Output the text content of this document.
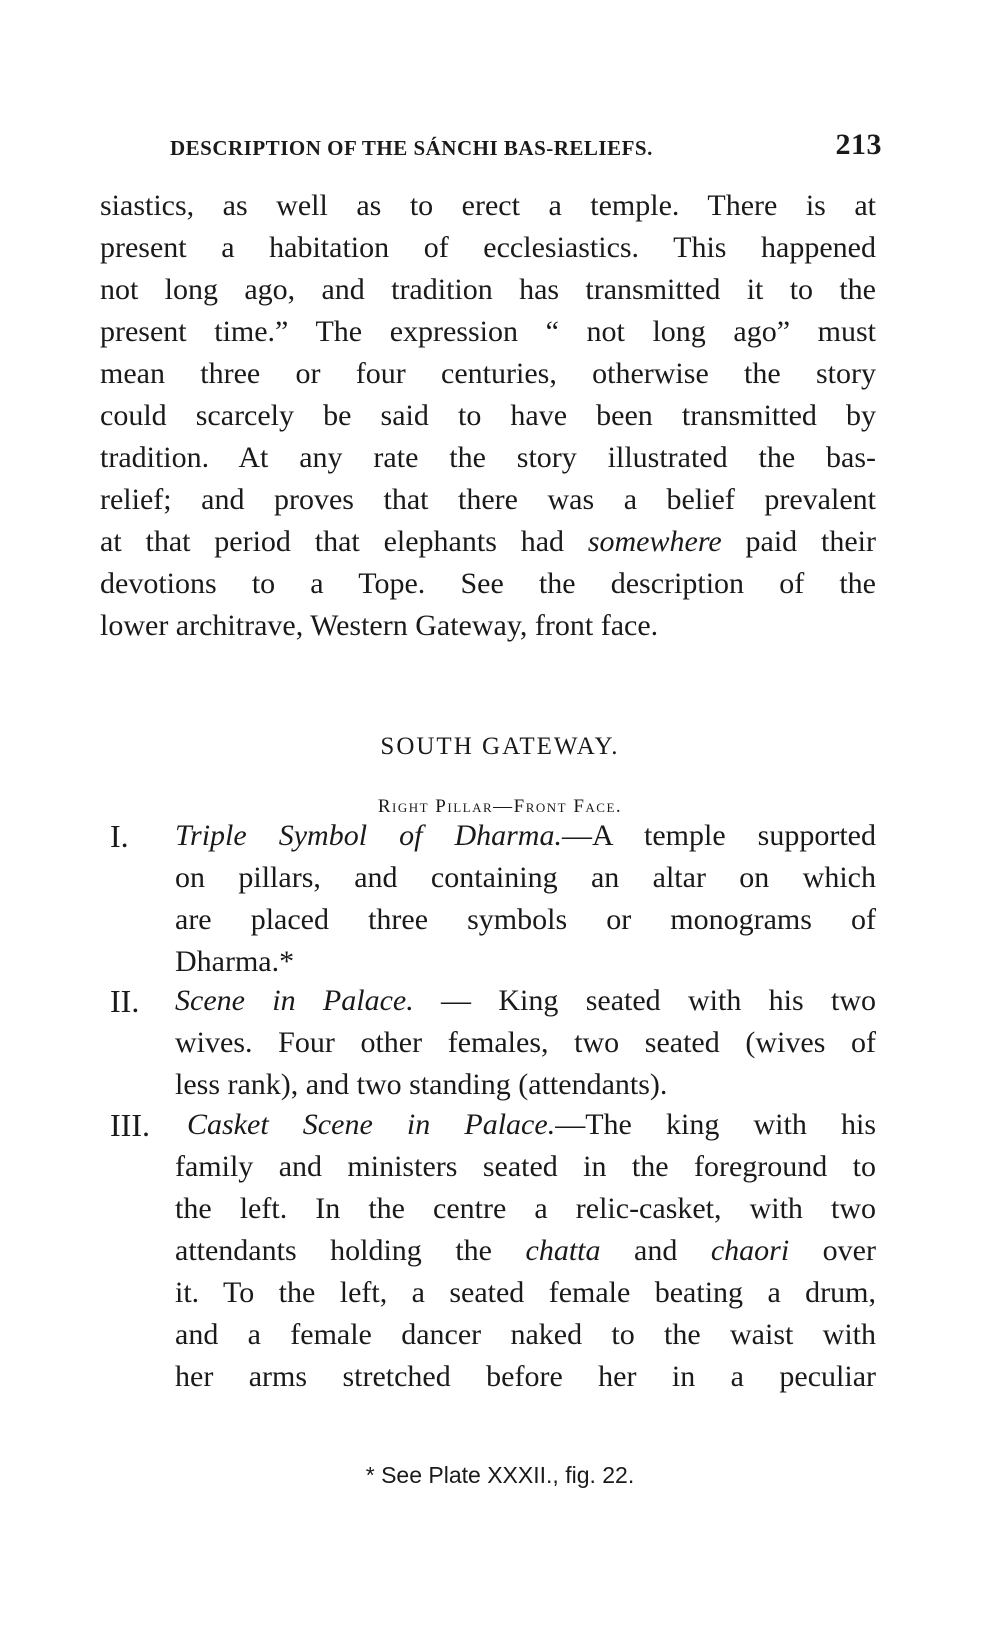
DESCRIPTION OF THE SÁNCHI BAS-RELIEFS.	213
siastics, as well as to erect a temple. There is at
present a habitation of ecclesiastics. This happened
not long ago, and tradition has transmitted it to the
present time.” The expression “ not long ago” must
mean three or four centuries, otherwise the story
could scarcely be said to have been transmitted by
tradition. At any rate the story illustrated the bas-
relief; and proves that there was a belief prevalent
at that period that elephants had somewhere paid their
devotions to a Tope. See the description of the
lower architrave, Western Gateway, front face.
SOUTH GATEWAY.
Right Pillar—Front Face.
I. Triple Symbol of Dharma.—A temple supported
on pillars, and containing an altar on which
are placed three symbols or monograms of
Dharma.*
II. Scene in Palace. — King seated with his two
wives. Four other females, two seated (wives of
less rank), and two standing (attendants).
III. Casket Scene in Palace.—The king with his
family and ministers seated in the foreground to
the left. In the centre a relic-casket, with two
attendants holding the chatta and chaori over
it. To the left, a seated female beating a drum,
and a female dancer naked to the waist with
her arms stretched before her in a peculiar
* See Plate XXXII., fig. 22.
